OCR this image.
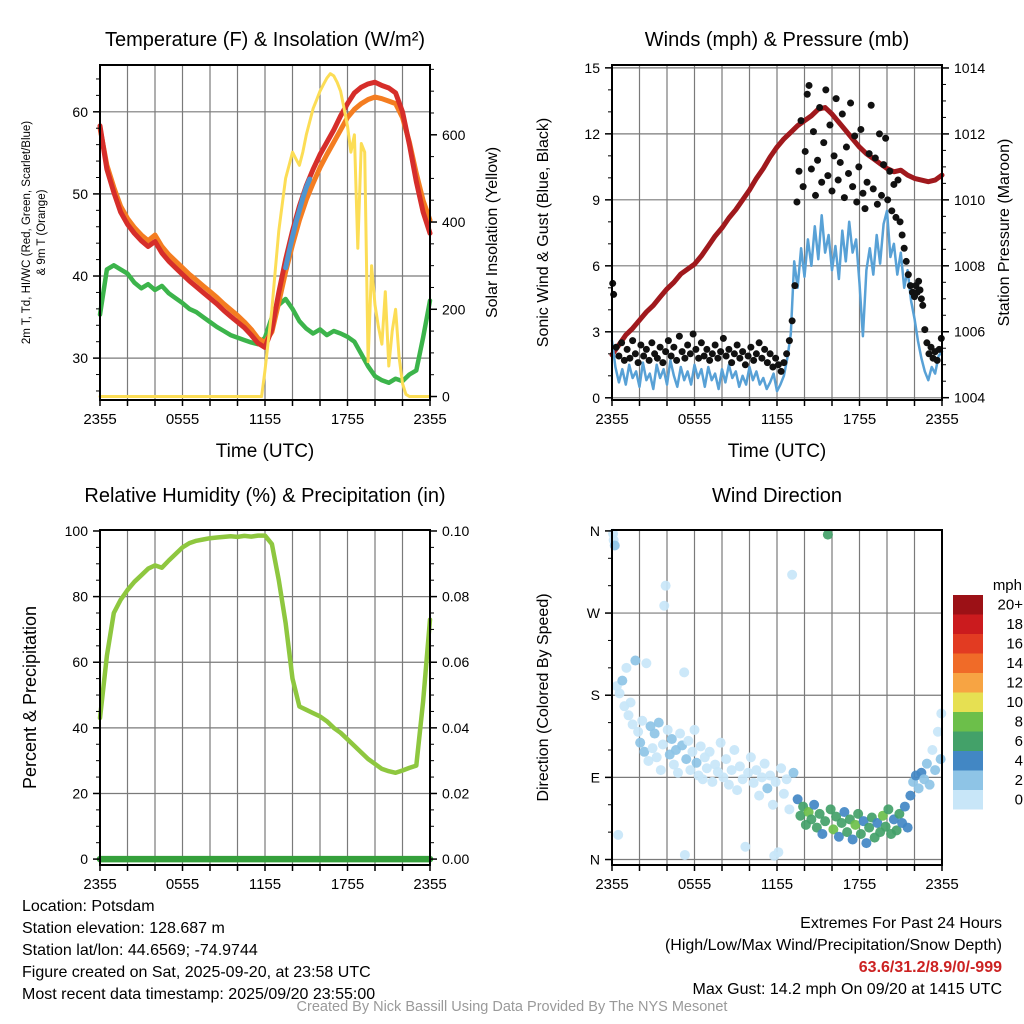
2355	0555	1155	1755	2355
30
40
50
60
0
200
400
600
Temperature (F) & Insolation (W/m²)
Time (UTC)
2m T, Td, HI/WC (Red, Green, Scarlet/Blue) & 9m T (Orange)	Solar Insolation (Yellow)
2355	0555	1155	1755	2355
0
3
6
9
12
15
1004
1006
1008
1010
1012
1014
Winds (mph) & Pressure (mb)
Time (UTC)
Sonic Wind & Gust (Blue, Black)	Station Pressure (Maroon)
2355	0555	1155	1755	2355
0
20
40
60
80
100
0.00
0.02
0.04
0.06
0.08
0.10
Relative Humidity (%) & Precipitation (in)
Percent & Precipitation
2355	0555	1155	1755	2355
N
E
S
W
N
Wind Direction
Direction (Colored By Speed)
mph
20+
18
16
14
12
10
8
6
4
2
0
Location: Potsdam
Station elevation: 128.687 m
Station lat/lon: 44.6569; -74.9744
Figure created on Sat, 2025-09-20, at 23:58 UTC
Most recent data timestamp: 2025/09/20 23:55:00
Extremes For Past 24 Hours
(High/Low/Max Wind/Precipitation/Snow Depth)
63.6/31.2/8.9/0/-999
Max Gust: 14.2 mph On 09/20 at 1415 UTC
Created By Nick Bassill Using Data Provided By The NYS Mesonet
